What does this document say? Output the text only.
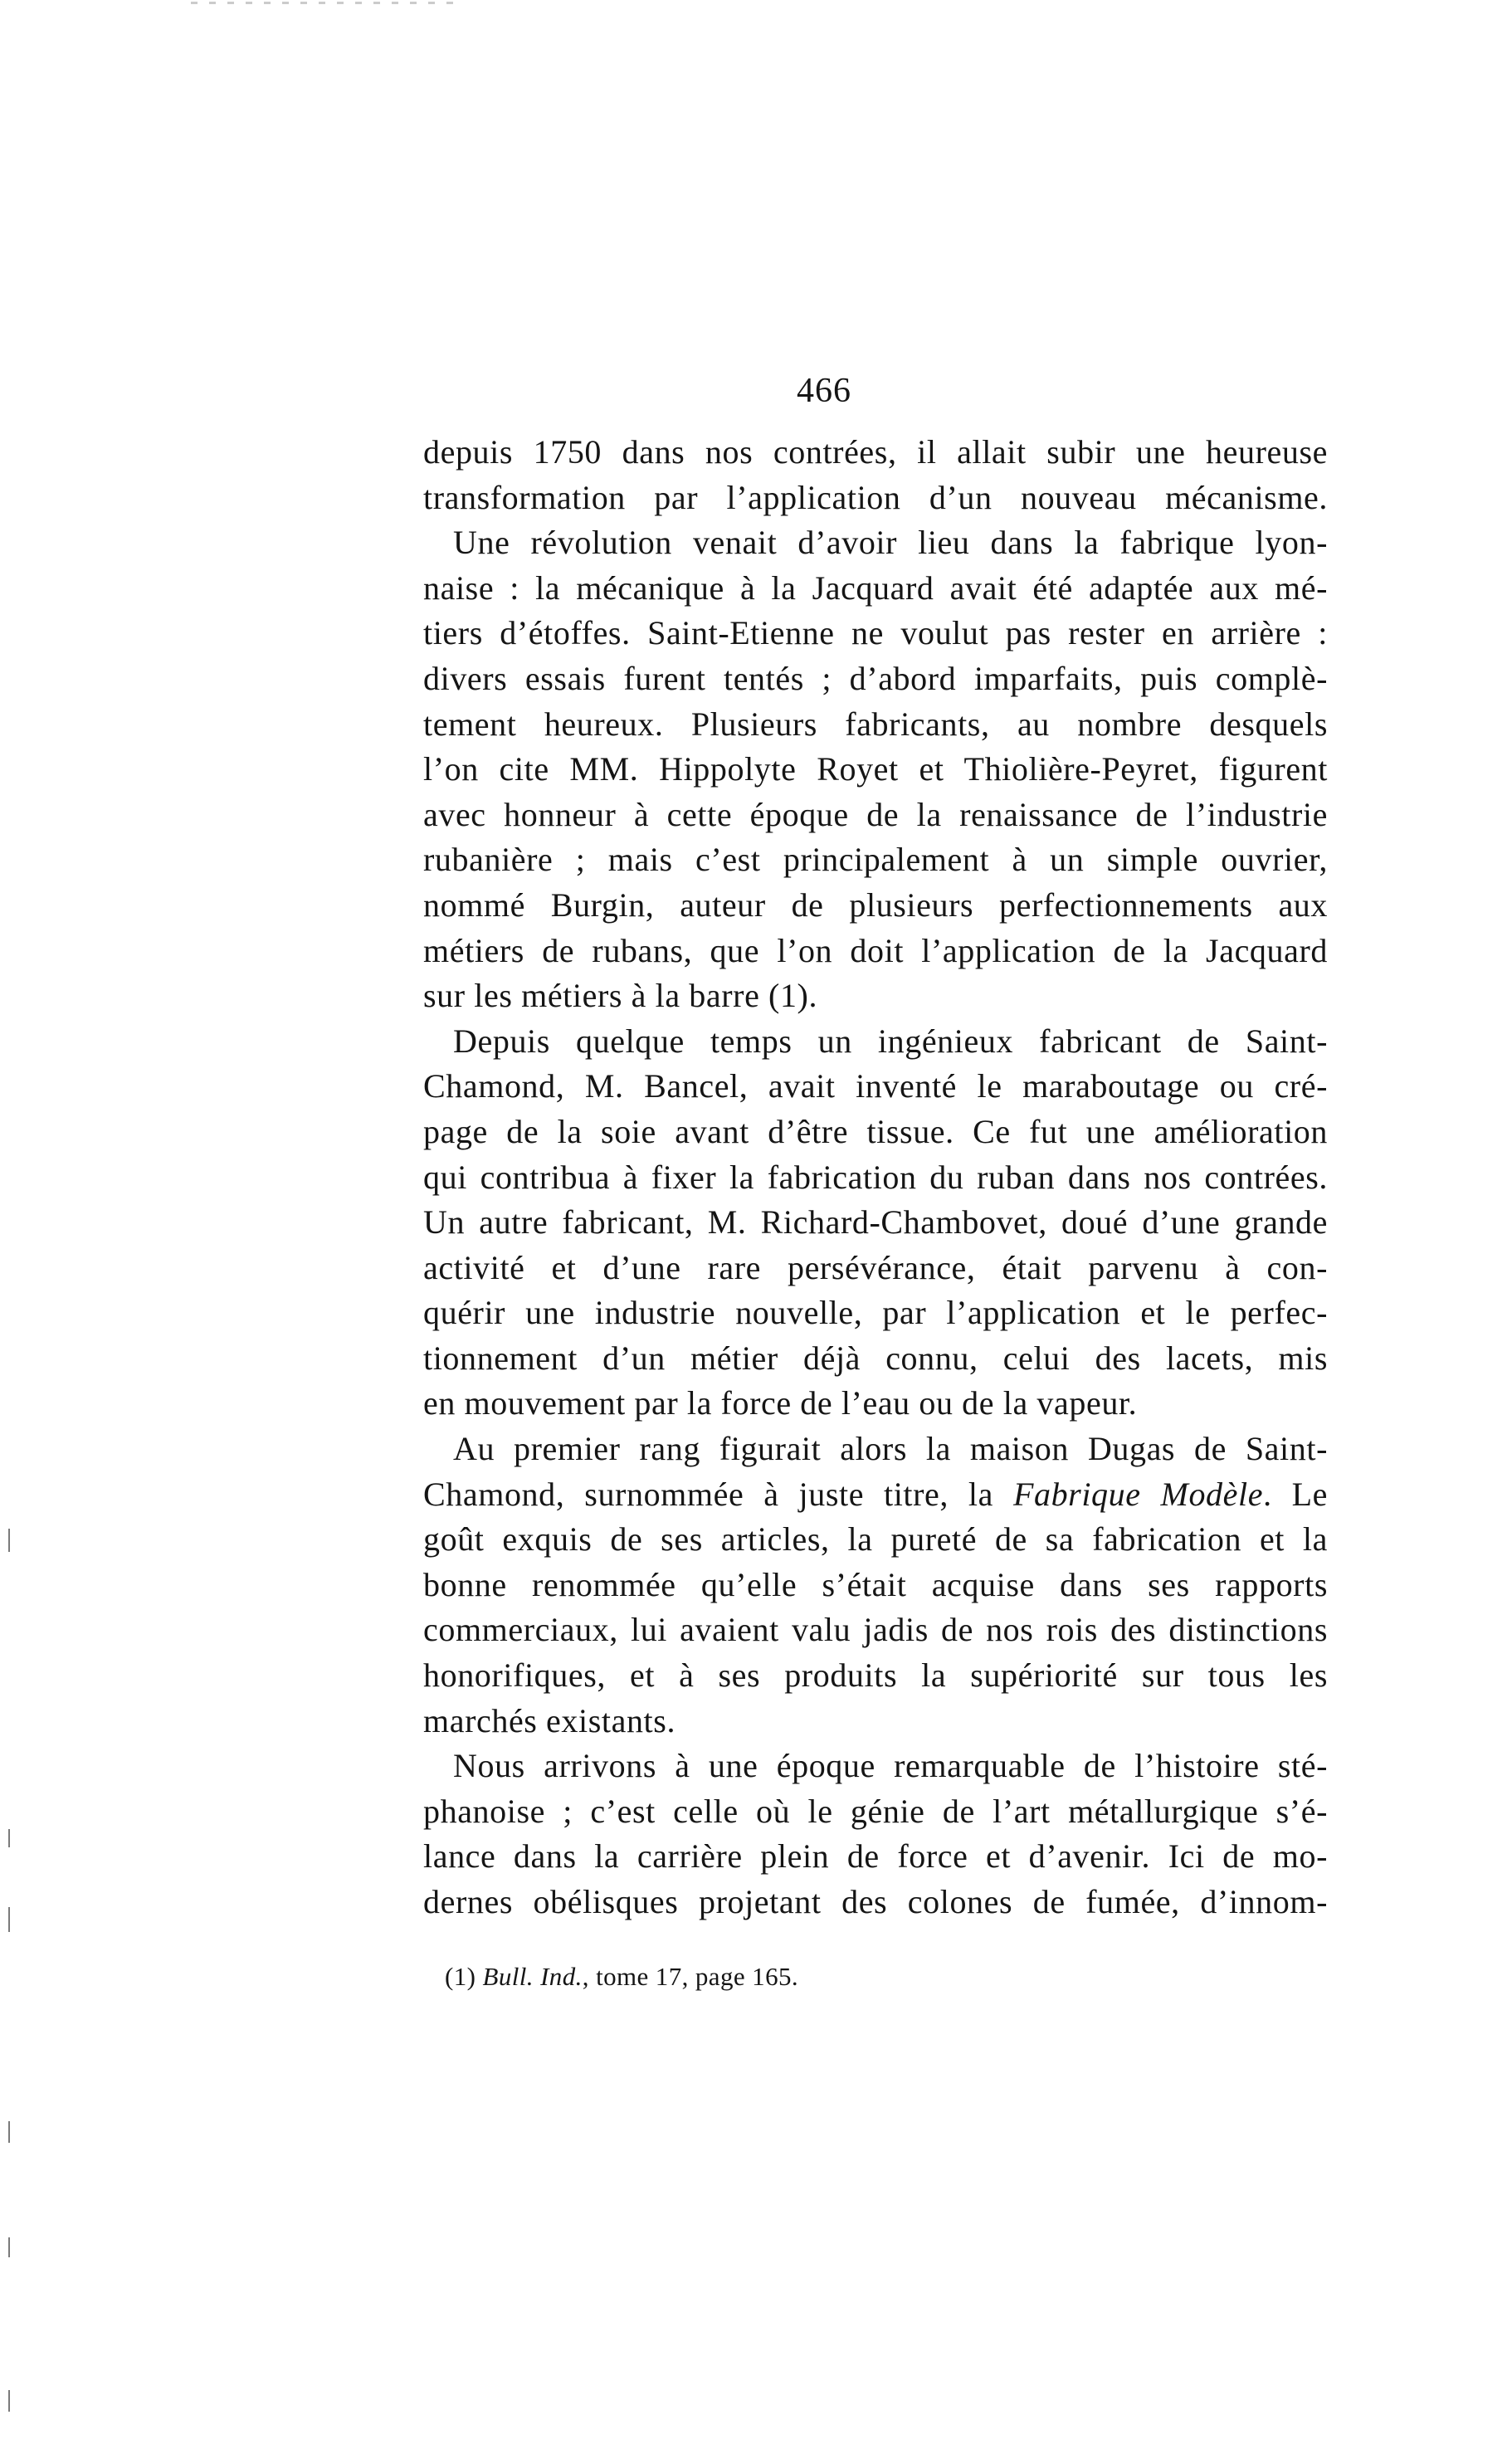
466
depuis 1750 dans nos contrées, il allait subir une heureuse
transformation par l’application d’un nouveau mécanisme.
Une révolution venait d’avoir lieu dans la fabrique lyon-
naise : la mécanique à la Jacquard avait été adaptée aux mé-
tiers d’étoffes. Saint-Etienne ne voulut pas rester en arrière :
divers essais furent tentés ; d’abord imparfaits, puis complè-
tement heureux. Plusieurs fabricants, au nombre desquels
l’on cite MM. Hippolyte Royet et Thiolière-Peyret, figurent
avec honneur à cette époque de la renaissance de l’industrie
rubanière ; mais c’est principalement à un simple ouvrier,
nommé Burgin, auteur de plusieurs perfectionnements aux
métiers de rubans, que l’on doit l’application de la Jacquard
sur les métiers à la barre (1).
Depuis quelque temps un ingénieux fabricant de Saint-
Chamond, M. Bancel, avait inventé le maraboutage ou cré-
page de la soie avant d’être tissue. Ce fut une amélioration
qui contribua à fixer la fabrication du ruban dans nos contrées.
Un autre fabricant, M. Richard-Chambovet, doué d’une grande
activité et d’une rare persévérance, était parvenu à con-
quérir une industrie nouvelle, par l’application et le perfec-
tionnement d’un métier déjà connu, celui des lacets, mis
en mouvement par la force de l’eau ou de la vapeur.
Au premier rang figurait alors la maison Dugas de Saint-
Chamond, surnommée à juste titre, la Fabrique Modèle. Le
goût exquis de ses articles, la pureté de sa fabrication et la
bonne renommée qu’elle s’était acquise dans ses rapports
commerciaux, lui avaient valu jadis de nos rois des distinctions
honorifiques, et à ses produits la supériorité sur tous les
marchés existants.
Nous arrivons à une époque remarquable de l’histoire sté-
phanoise ; c’est celle où le génie de l’art métallurgique s’é-
lance dans la carrière plein de force et d’avenir. Ici de mo-
dernes obélisques projetant des colones de fumée, d’innom-
(1) Bull. Ind., tome 17, page 165.
